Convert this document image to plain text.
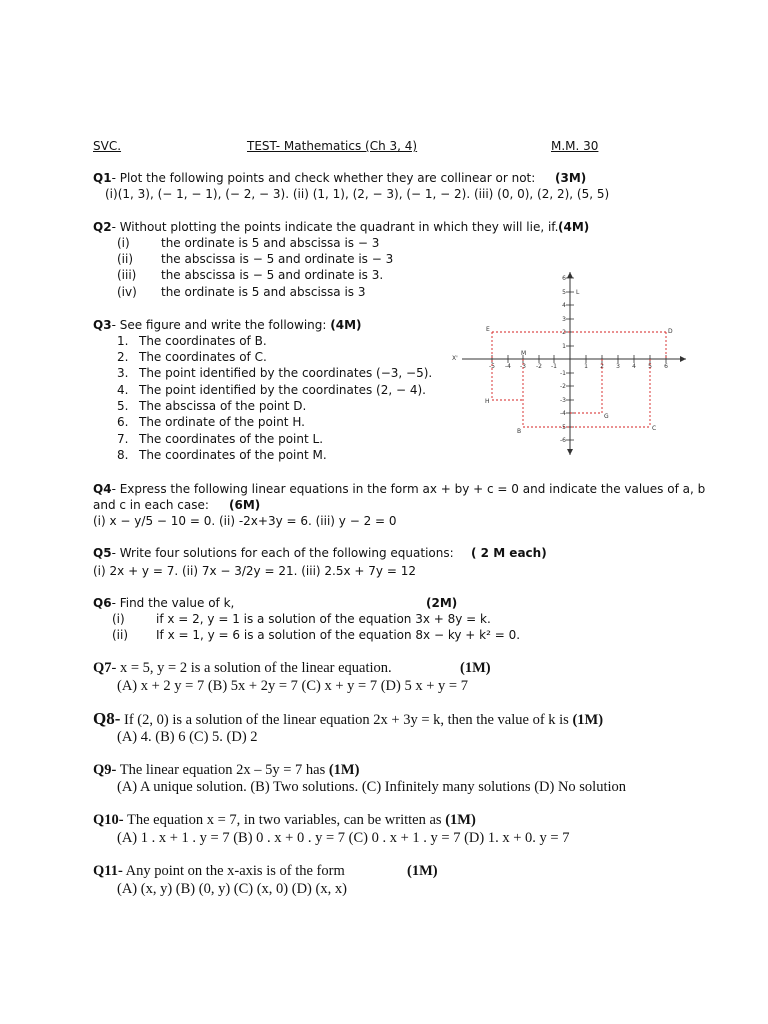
SVC.	TEST- Mathematics (Ch 3, 4)	M.M. 30
Q1- Plot the following points and check whether they are collinear or not: (3M)
(i)(1, 3), (− 1, − 1), (− 2, − 3). (ii) (1, 1), (2, − 3), (− 1, − 2). (iii) (0, 0), (2, 2), (5, 5)
Q2- Without plotting the points indicate the quadrant in which they will lie, if. (4M)
(i)	the ordinate is 5 and abscissa is − 3
(ii) the abscissa is − 5 and ordinate is − 3
(iii) the abscissa is − 5 and ordinate is 3.
(iv) the ordinate is 5 and abscissa is 3
Q3- See figure and write the following: (4M)
1. The coordinates of B.
2. The coordinates of C.
3. The point identified by the coordinates (−3, −5).
4. The point identified by the coordinates (2, − 4).
5. The abscissa of the point D.
6. The ordinate of the point H.
7. The coordinates of the point L.
8. The coordinates of the point M.
X'
-5 -4 -3 -2 -1	1 2 3 4 5 6
6
5
4
3
2
1
-1
-2
-3
-4
-5
-6
E	D
M
L
H
G
B	C
Q4- Express the following linear equations in the form ax + by + c = 0 and indicate the values of a, b
and c in each case: (6M)
(i) x − y/5 − 10 = 0. (ii) -2x+3y = 6. (iii) y − 2 = 0
Q5- Write four solutions for each of the following equations: ( 2 M each)
(i) 2x + y = 7. (ii) 7x − 3/2y = 21. (iii) 2.5x + 7y = 12
Q6- Find the value of k,	(2M)
(i)	if x = 2, y = 1 is a solution of the equation 3x + 8y = k.
(ii) If x = 1, y = 6 is a solution of the equation 8x − ky + k² = 0.
Q7- x = 5, y = 2 is a solution of the linear equation.	(1M)
(A) x + 2 y = 7 (B) 5x + 2y = 7 (C) x + y = 7 (D) 5 x + y = 7
Q8- If (2, 0) is a solution of the linear equation 2x + 3y = k, then the value of k is (1M)
(A) 4. (B) 6 (C) 5. (D) 2
Q9- The linear equation 2x – 5y = 7 has (1M)
(A) A unique solution. (B) Two solutions. (C) Infinitely many solutions (D) No solution
Q10- The equation x = 7, in two variables, can be written as (1M)
(A) 1 . x + 1 . y = 7 (B) 0 . x + 0 . y = 7 (C) 0 . x + 1 . y = 7 (D) 1. x + 0. y = 7
Q11- Any point on the x-axis is of the form	(1M)
(A) (x, y) (B) (0, y) (C) (x, 0) (D) (x, x)
